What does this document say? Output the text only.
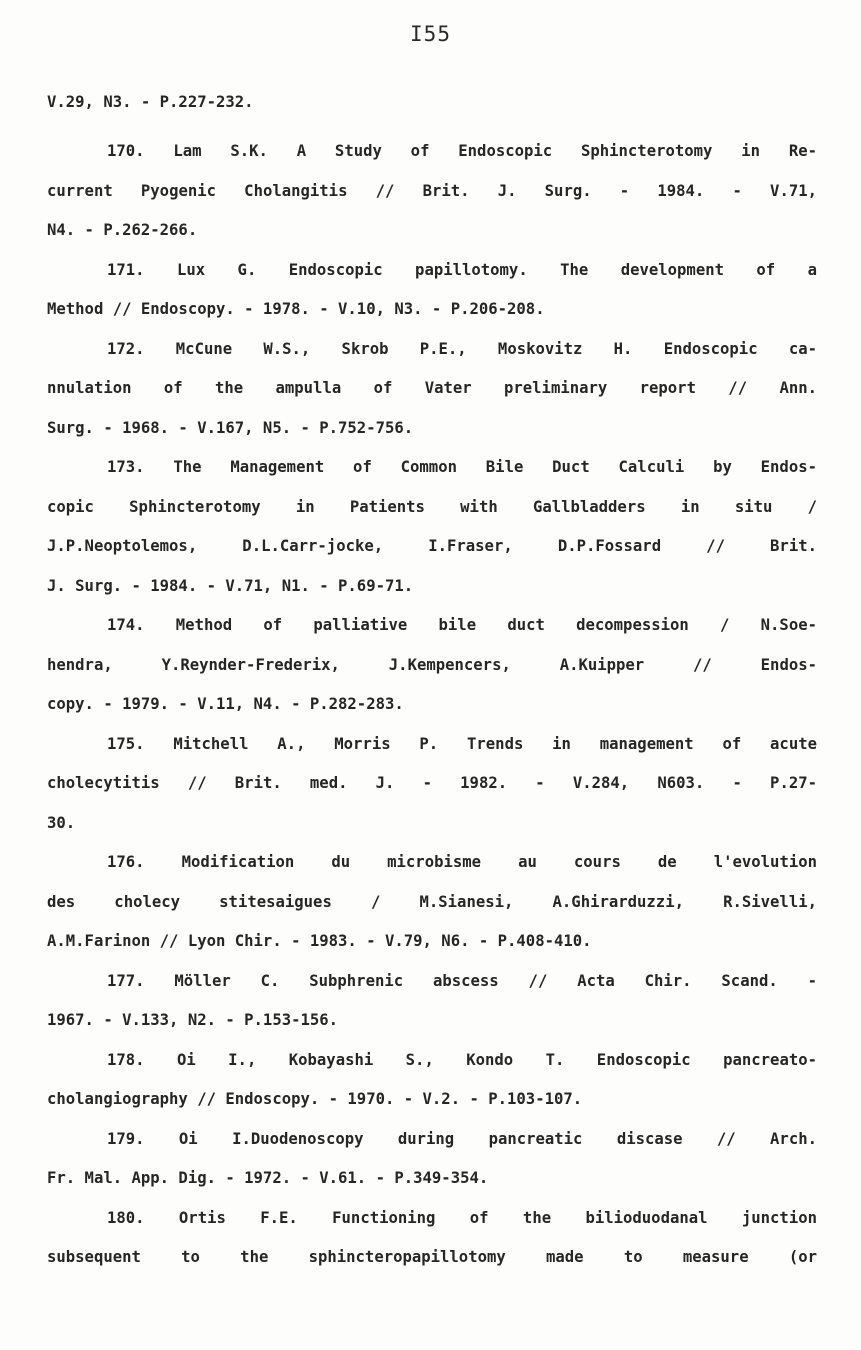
I55
V.29, N3. - P.227-232.
170. Lam S.K. A Study of Endoscopic Sphincterotomy in Re-
current Pyogenic Cholangitis // Brit. J. Surg. - 1984. - V.71,
N4. - P.262-266.
171. Lux G. Endoscopic papillotomy. The development of a
Method // Endoscopy. - 1978. - V.10, N3. - P.206-208.
172. McCune W.S., Skrob P.E., Moskovitz H. Endoscopic ca-
nnulation of the ampulla of Vater preliminary report // Ann.
Surg. - 1968. - V.167, N5. - P.752-756.
173. The Management of Common Bile Duct Calculi by Endos-
copic Sphincterotomy in Patients with Gallbladders in situ /
J.P.Neoptolemos, D.L.Carr-jocke, I.Fraser, D.P.Fossard // Brit.
J. Surg. - 1984. - V.71, N1. - P.69-71.
174. Method of palliative bile duct decompession / N.Soe-
hendra, Y.Reynder-Frederix, J.Kempencers, A.Kuipper // Endos-
copy. - 1979. - V.11, N4. - P.282-283.
175. Mitchell A., Morris P. Trends in management of acute
cholecytitis // Brit. med. J. - 1982. - V.284, N603. - P.27-
30.
176. Modification du microbisme au cours de l'evolution
des cholecy stitesaigues / M.Sianesi, A.Ghirarduzzi, R.Sivelli,
A.M.Farinon // Lyon Chir. - 1983. - V.79, N6. - P.408-410.
177. Möller C. Subphrenic abscess // Acta Chir. Scand. -
1967. - V.133, N2. - P.153-156.
178. Oi I., Kobayashi S., Kondo T. Endoscopic pancreato-
cholangiography // Endoscopy. - 1970. - V.2. - P.103-107.
179. Oi I.Duodenoscopy during pancreatic discase // Arch.
Fr. Mal. App. Dig. - 1972. - V.61. - P.349-354.
180. Ortis F.E. Functioning of the bilioduodanal junction
subsequent to the sphincteropapillotomy made to measure (or
